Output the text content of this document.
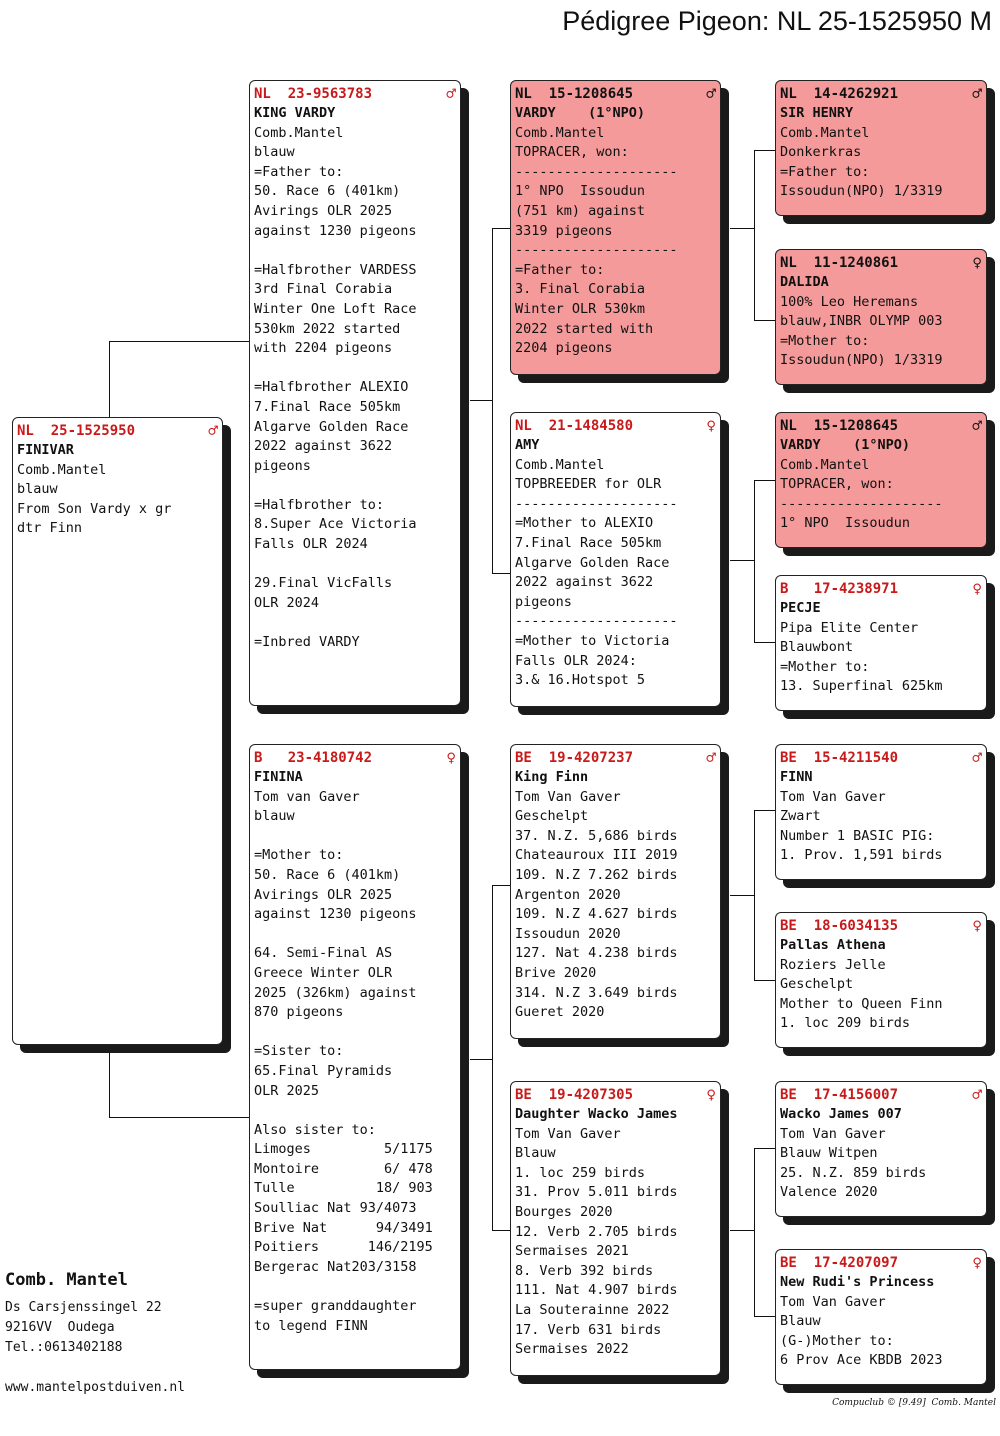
Pédigree Pigeon: NL 25-1525950 M
NL  25-1525950	♂
FINIVAR
Comb.Mantel
blauw
From Son Vardy x gr
dtr Finn
NL  23-9563783	♂
KING VARDY
Comb.Mantel
blauw
=Father to:
50. Race 6 (401km)
Avirings OLR 2025
against 1230 pigeons
=Halfbrother VARDESS
3rd Final Corabia
Winter One Loft Race
530km 2022 started
with 2204 pigeons
=Halfbrother ALEXIO
7.Final Race 505km
Algarve Golden Race
2022 against 3622
pigeons
=Halfbrother to:
8.Super Ace Victoria
Falls OLR 2024
29.Final VicFalls
OLR 2024
=Inbred VARDY
B   23-4180742	♀
FININA
Tom van Gaver
blauw
=Mother to:
50. Race 6 (401km)
Avirings OLR 2025
against 1230 pigeons
64. Semi-Final AS
Greece Winter OLR
2025 (326km) against
870 pigeons
=Sister to:
65.Final Pyramids
OLR 2025
Also sister to:
Limoges         5/1175
Montoire        6/ 478
Tulle          18/ 903
Soulliac Nat 93/4073
Brive Nat      94/3491
Poitiers      146/2195
Bergerac Nat203/3158
=super granddaughter
to legend FINN
NL  15-1208645	♂
VARDY    (1°NPO)
Comb.Mantel
TOPRACER, won:
--------------------
1° NPO  Issoudun
(751 km) against
3319 pigeons
--------------------
=Father to:
3. Final Corabia
Winter OLR 530km
2022 started with
2204 pigeons
NL  21-1484580	♀
AMY
Comb.Mantel
TOPBREEDER for OLR
--------------------
=Mother to ALEXIO
7.Final Race 505km
Algarve Golden Race
2022 against 3622
pigeons
--------------------
=Mother to Victoria
Falls OLR 2024:
3.& 16.Hotspot 5
BE  19-4207237	♂
King Finn
Tom Van Gaver
Geschelpt
37. N.Z. 5,686 birds
Chateauroux III 2019
109. N.Z 7.262 birds
Argenton 2020
109. N.Z 4.627 birds
Issoudun 2020
127. Nat 4.238 birds
Brive 2020
314. N.Z 3.649 birds
Gueret 2020
BE  19-4207305	♀
Daughter Wacko James
Tom Van Gaver
Blauw
1. loc 259 birds
31. Prov 5.011 birds
Bourges 2020
12. Verb 2.705 birds
Sermaises 2021
8. Verb 392 birds
111. Nat 4.907 birds
La Souterainne 2022
17. Verb 631 birds
Sermaises 2022
NL  14-4262921	♂
SIR HENRY
Comb.Mantel
Donkerkras
=Father to:
Issoudun(NPO) 1/3319
NL  11-1240861	♀
DALIDA
100% Leo Heremans
blauw,INBR OLYMP 003
=Mother to:
Issoudun(NPO) 1/3319
NL  15-1208645	♂
VARDY    (1°NPO)
Comb.Mantel
TOPRACER, won:
--------------------
1° NPO  Issoudun
B   17-4238971	♀
PECJE
Pipa Elite Center
Blauwbont
=Mother to:
13. Superfinal 625km
BE  15-4211540	♂
FINN
Tom Van Gaver
Zwart
Number 1 BASIC PIG:
1. Prov. 1,591 birds
BE  18-6034135	♀
Pallas Athena
Roziers Jelle
Geschelpt
Mother to Queen Finn
1. loc 209 birds
BE  17-4156007	♂
Wacko James 007
Tom Van Gaver
Blauw Witpen
25. N.Z. 859 birds
Valence 2020
BE  17-4207097	♀
New Rudi's Princess
Tom Van Gaver
Blauw
(G-)Mother to:
6 Prov Ace KBDB 2023
Comb. Mantel
Ds Carsjenssingel 22
9216VV  Oudega
Tel.:0613402188
www.mantelpostduiven.nl
Compuclub © [9.49]  Comb. Mantel
